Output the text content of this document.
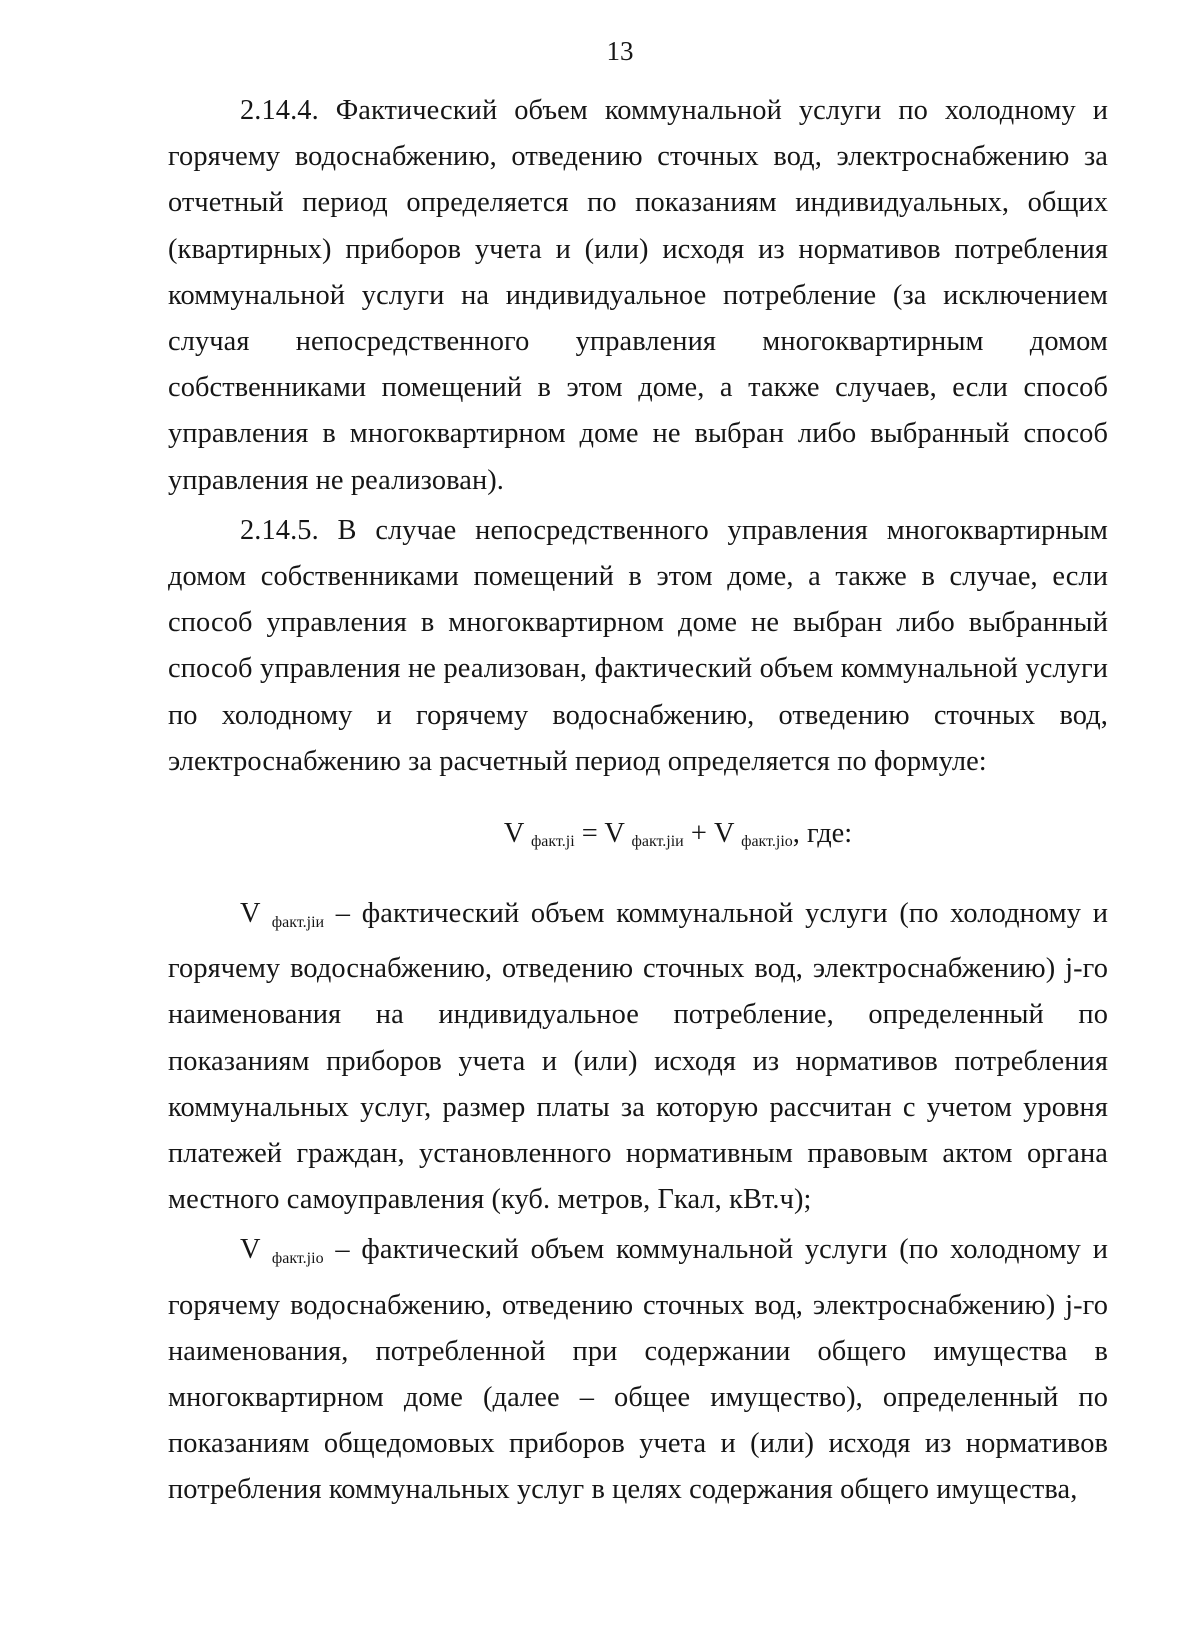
13

2.14.4. Фактический объем коммунальной услуги по холодному и горячему водоснабжению, отведению сточных вод, электроснабжению за отчетный период определяется по показаниям индивидуальных, общих (квартирных) приборов учета и (или) исходя из нормативов потребления коммунальной услуги на индивидуальное потребление (за исключением случая непосредственного управления многоквартирным домом собственниками помещений в этом доме, а также случаев, если способ управления в многоквартирном доме не выбран либо выбранный способ управления не реализован).

2.14.5. В случае непосредственного управления многоквартирным домом собственниками помещений в этом доме, а также в случае, если способ управления в многоквартирном доме не выбран либо выбранный способ управления не реализован, фактический объем коммунальной услуги по холодному и горячему водоснабжению, отведению сточных вод, электроснабжению за расчетный период определяется по формуле:

V $_{факт.ji}$ = V $_{факт.jiи}$ + V $_{факт.jiо}$, где:

V $_{факт.jiи}$ – фактический объем коммунальной услуги (по холодному и горячему водоснабжению, отведению сточных вод, электроснабжению) j-го наименования на индивидуальное потребление, определенный по показаниям приборов учета и (или) исходя из нормативов потребления коммунальных услуг, размер платы за которую рассчитан с учетом уровня платежей граждан, установленного нормативным правовым актом органа местного самоуправления (куб. метров, Гкал, кВт.ч);

V $_{факт.jiо}$ – фактический объем коммунальной услуги (по холодному и горячему водоснабжению, отведению сточных вод, электроснабжению) j-го наименования, потребленной при содержании общего имущества в многоквартирном доме (далее – общее имущество), определенный по показаниям общедомовых приборов учета и (или) исходя из нормативов потребления коммунальных услуг в целях содержания общего имущества,
